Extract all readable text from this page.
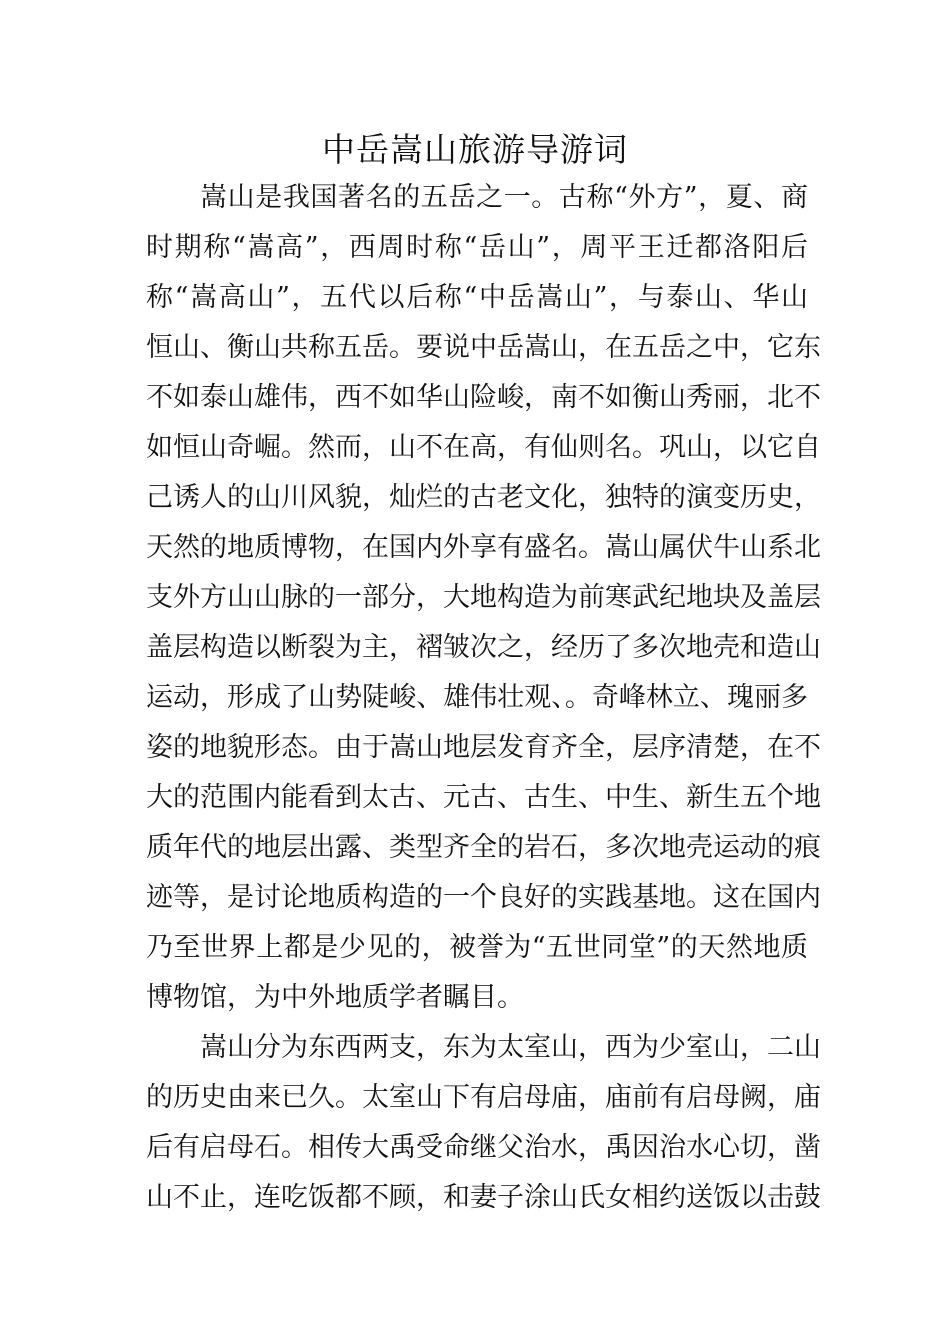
中岳嵩山旅游导游词
嵩山是我国著名的五岳之一。古称“外方”，夏、商
时期称“嵩高”，西周时称“岳山”，周平王迁都洛阳后
称“嵩高山”，五代以后称“中岳嵩山”，与泰山、华山
恒山、衡山共称五岳。要说中岳嵩山，在五岳之中，它东
不如泰山雄伟，西不如华山险峻，南不如衡山秀丽，北不
如恒山奇崛。然而，山不在高，有仙则名。巩山，以它自
己诱人的山川风貌，灿烂的古老文化，独特的演变历史，
天然的地质博物，在国内外享有盛名。嵩山属伏牛山系北
支外方山山脉的一部分，大地构造为前寒武纪地块及盖层
盖层构造以断裂为主，褶皱次之，经历了多次地壳和造山
运动，形成了山势陡峻、雄伟壮观、。奇峰林立、瑰丽多
姿的地貌形态。由于嵩山地层发育齐全，层序清楚，在不
大的范围内能看到太古、元古、古生、中生、新生五个地
质年代的地层出露、类型齐全的岩石，多次地壳运动的痕
迹等，是讨论地质构造的一个良好的实践基地。这在国内
乃至世界上都是少见的，被誉为“五世同堂”的天然地质
博物馆，为中外地质学者瞩目。
嵩山分为东西两支，东为太室山，西为少室山，二山
的历史由来已久。太室山下有启母庙，庙前有启母阙，庙
后有启母石。相传大禹受命继父治水，禹因治水心切，凿
山不止，连吃饭都不顾，和妻子涂山氏女相约送饭以击鼓
